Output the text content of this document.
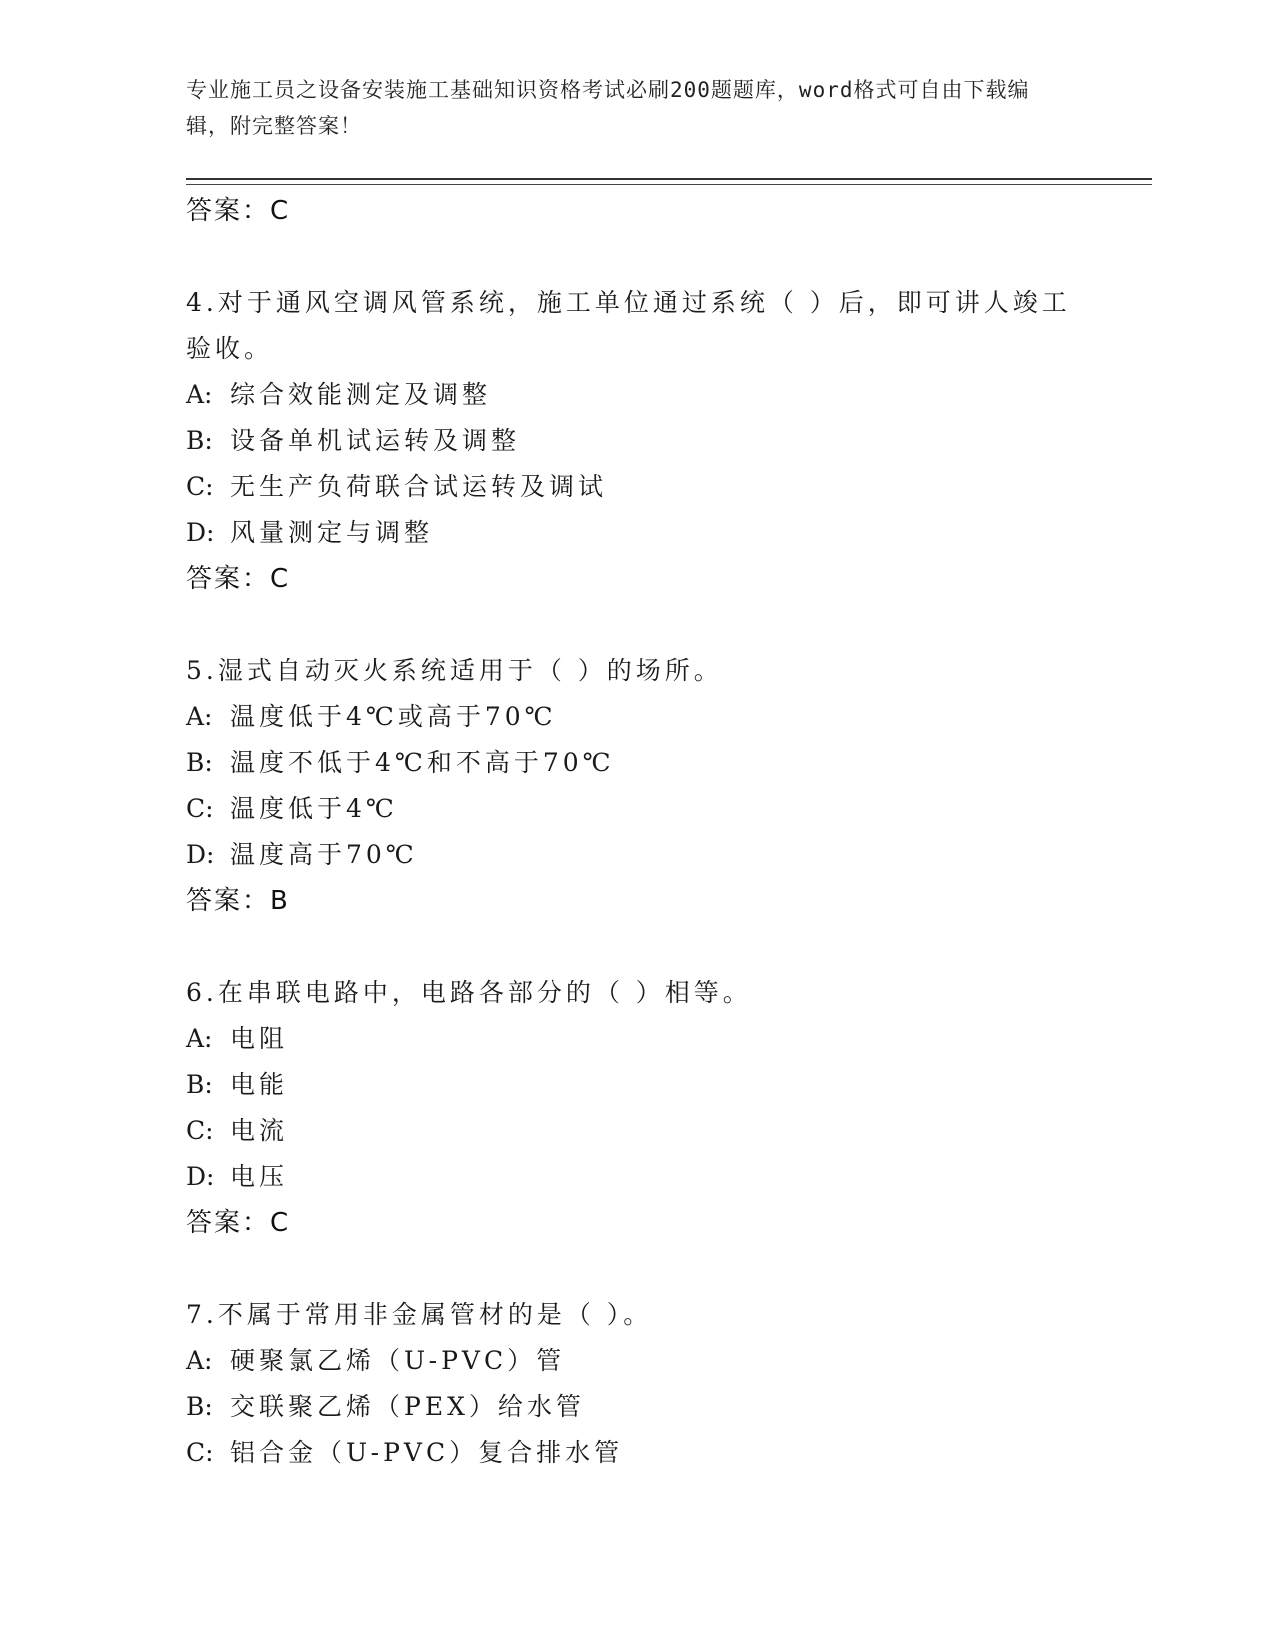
专业施工员之设备安装施工基础知识资格考试必刷200题题库，word格式可自由下载编辑，附完整答案！
答案：C
4.对于通风空调风管系统，施工单位通过系统（ ）后，即可讲人竣工验收。
A: 综合效能测定及调整
B: 设备单机试运转及调整
C: 无生产负荷联合试运转及调试
D: 风量测定与调整
答案：C
5.湿式自动灭火系统适用于（ ）的场所。
A: 温度低于4℃或高于70℃
B: 温度不低于4℃和不高于70℃
C: 温度低于4℃
D: 温度高于70℃
答案：B
6.在串联电路中，电路各部分的（ ）相等。
A: 电阻
B: 电能
C: 电流
D: 电压
答案：C
7.不属于常用非金属管材的是（ ）。
A: 硬聚氯乙烯（U-PVC）管
B: 交联聚乙烯（PEX）给水管
C: 铝合金（U-PVC）复合排水管
